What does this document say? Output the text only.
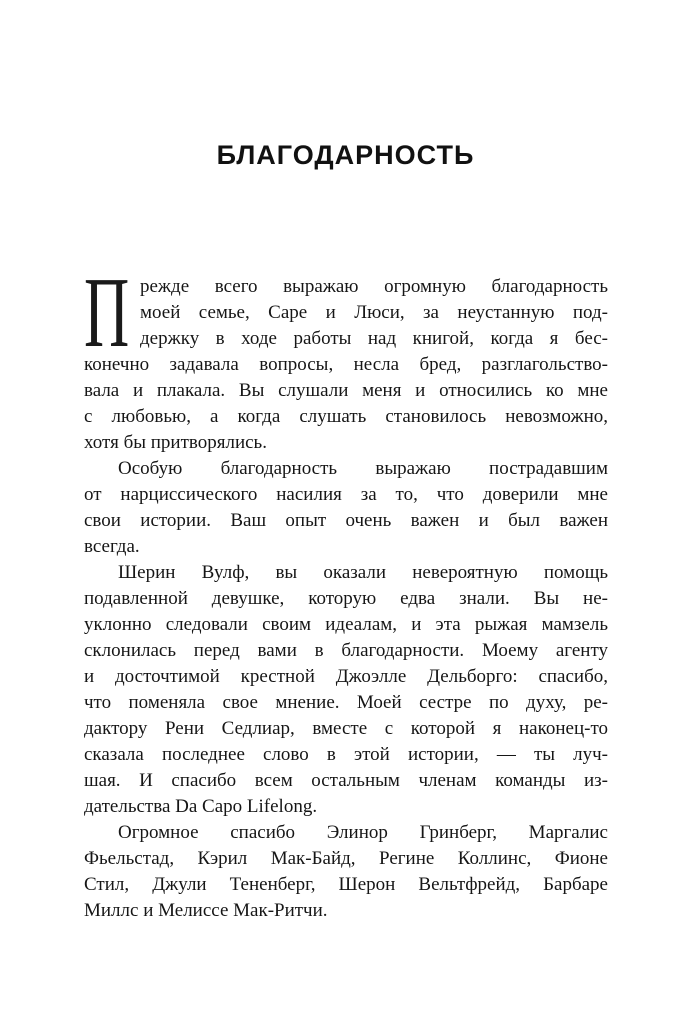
БЛАГОДАРНОСТЬ
П режде всего выражаю огромную благодарность
моей семье, Саре и Люси, за неустанную под-
держку в ходе работы над книгой, когда я бес-
конечно задавала вопросы, несла бред, разглагольство-
вала и плакала. Вы слушали меня и относились ко мне
с любовью, а когда слушать становилось невозможно,
хотя бы притворялись.
Особую благодарность выражаю пострадавшим
от нарциссического насилия за то, что доверили мне
свои истории. Ваш опыт очень важен и был важен
всегда.
Шерин Вулф, вы оказали невероятную помощь
подавленной девушке, которую едва знали. Вы не-
уклонно следовали своим идеалам, и эта рыжая мамзель
склонилась перед вами в благодарности. Моему агенту
и досточтимой крестной Джоэлле Дельборго: спасибо,
что поменяла свое мнение. Моей сестре по духу, ре-
дактору Рени Седлиар, вместе с которой я наконец-то
сказала последнее слово в этой истории, — ты луч-
шая. И спасибо всем остальным членам команды из-
дательства Da Capo Lifelong.
Огромное спасибо Элинор Гринберг, Маргалис
Фьельстад, Кэрил Мак-Байд, Регине Коллинс, Фионе
Стил, Джули Тененберг, Шерон Вельтфрейд, Барбаре
Миллс и Мелиссе Мак-Ритчи.
